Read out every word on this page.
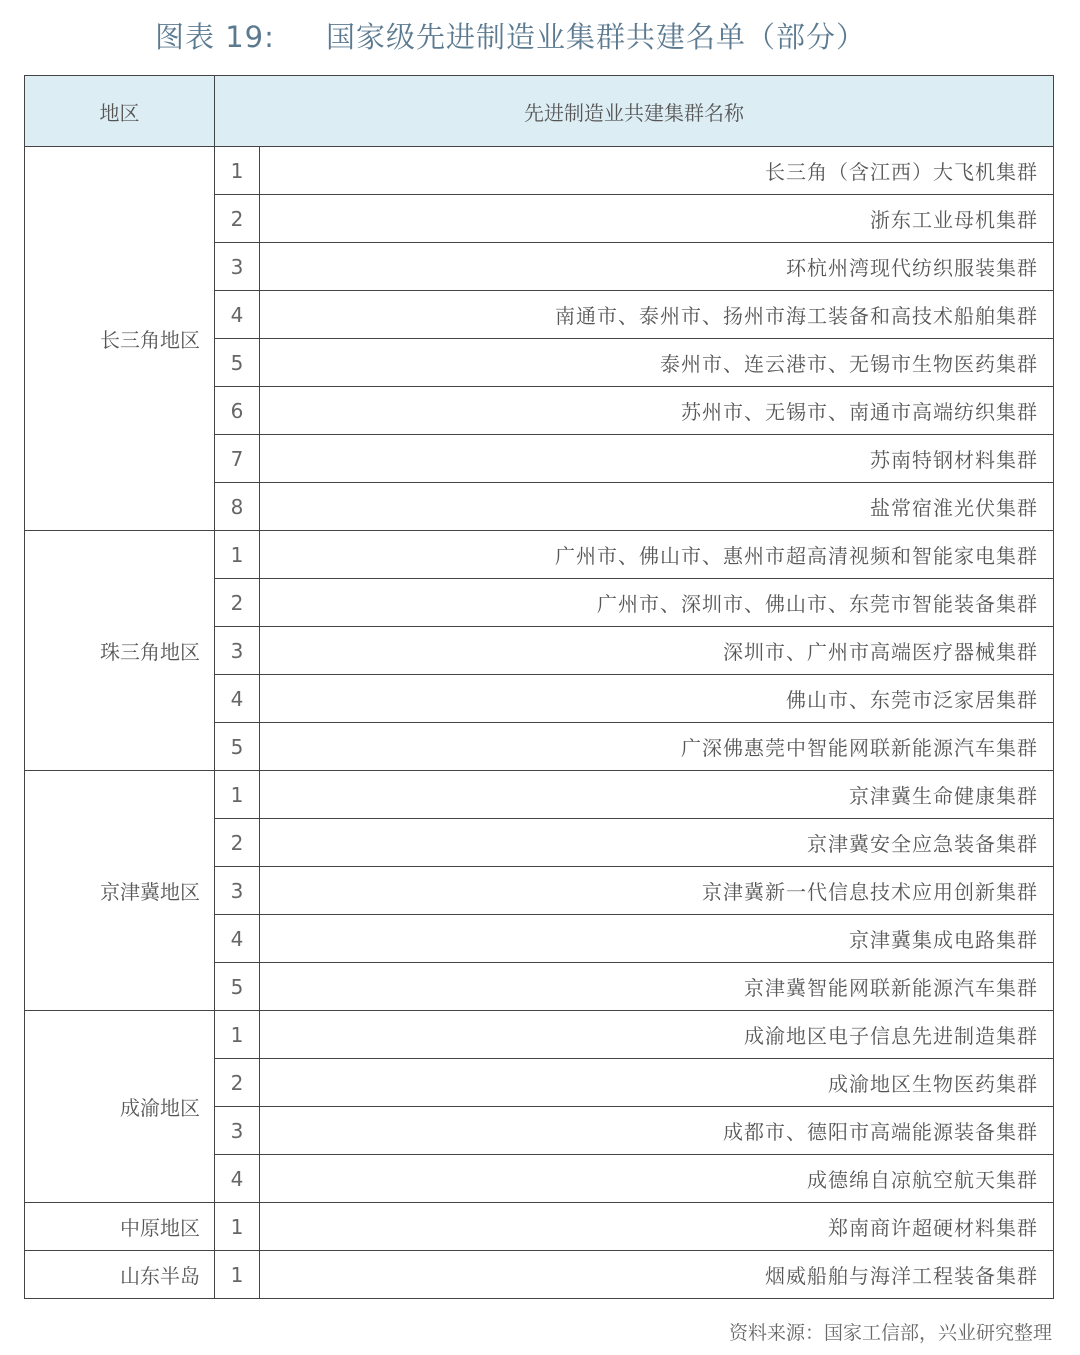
图表 19: 国家级先进制造业集群共建名单（部分）
地区	先进制造业共建集群名称	
长三角地区	1	长三角（含江西）大飞机集群
	2	浙东工业母机集群
	3	环杭州湾现代纺织服装集群
	4	南通市、泰州市、扬州市海工装备和高技术船舶集群
	5	泰州市、连云港市、无锡市生物医药集群
	6	苏州市、无锡市、南通市高端纺织集群
	7	苏南特钢材料集群
	8	盐常宿淮光伏集群
珠三角地区	1	广州市、佛山市、惠州市超高清视频和智能家电集群
	2	广州市、深圳市、佛山市、东莞市智能装备集群
	3	深圳市、广州市高端医疗器械集群
	4	佛山市、东莞市泛家居集群
	5	广深佛惠莞中智能网联新能源汽车集群
京津冀地区	1	京津冀生命健康集群
	2	京津冀安全应急装备集群
	3	京津冀新一代信息技术应用创新集群
	4	京津冀集成电路集群
	5	京津冀智能网联新能源汽车集群
成渝地区	1	成渝地区电子信息先进制造集群
	2	成渝地区生物医药集群
	3	成都市、德阳市高端能源装备集群
	4	成德绵自凉航空航天集群
中原地区	1	郑南商许超硬材料集群
山东半岛	1	烟威船舶与海洋工程装备集群
资料来源：国家工信部，兴业研究整理
